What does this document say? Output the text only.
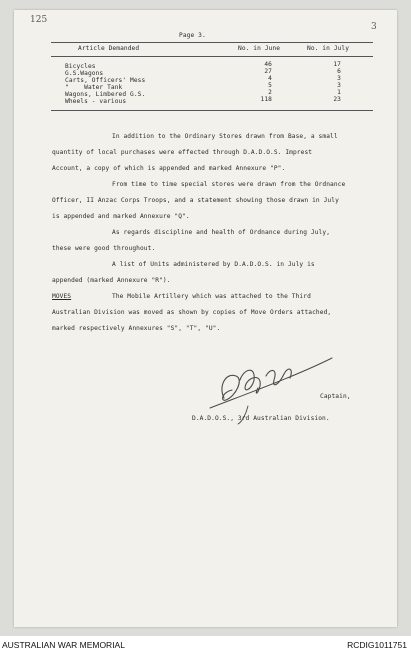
125
Page 3.
3
Article Demanded	No. in June	No. in July
Bicycles	46	17
G.S.Wagons	27	6
Carts, Officers' Mess	4	3
"    Water Tank	5	3
Wagons, Limbered G.S.	2	1
Wheels - various	118	23
In addition to the Ordinary Stores drawn from Base, a small
quantity of local purchases were effected through D.A.D.O.S. Imprest
Account, a copy of which is appended and marked Annexure "P".
From time to time special stores were drawn from the Ordnance
Officer, II Anzac Corps Troops, and a statement showing those drawn in July
is appended and marked Annexure "Q".
As regards discipline and health of Ordnance during July,
these were good throughout.
A list of Units administered by D.A.D.O.S. in July is
appended (marked Annexure "R").
MOVES	The Mobile Artillery which was attached to the Third
Australian Division was moved as shown by copies of Move Orders attached,
marked respectively Annexures "S", "T", "U".
Captain,
D.A.D.O.S., 3rd Australian Division.
AUSTRALIAN WAR MEMORIAL	RCDIG1011751
